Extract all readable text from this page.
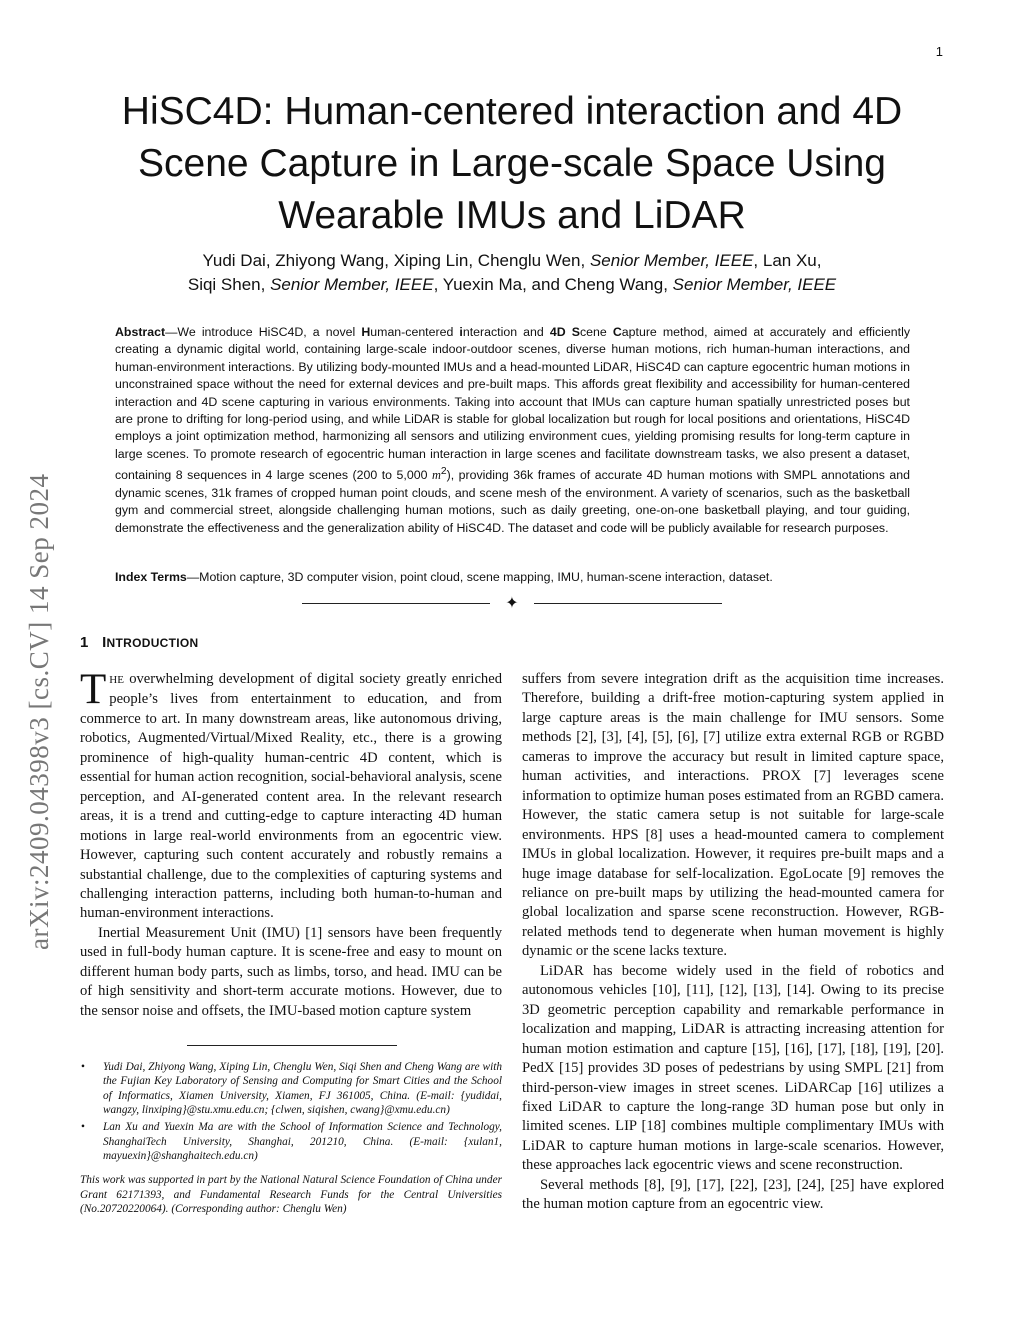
1
HiSC4D: Human-centered interaction and 4D
Scene Capture in Large-scale Space Using
Wearable IMUs and LiDAR
Yudi Dai, Zhiyong Wang, Xiping Lin, Chenglu Wen, Senior Member, IEEE, Lan Xu,
Siqi Shen, Senior Member, IEEE, Yuexin Ma, and Cheng Wang, Senior Member, IEEE
arXiv:2409.04398v3 [cs.CV] 14 Sep 2024

Abstract—We introduce HiSC4D, a novel Human-centered interaction and 4D Scene Capture method, aimed at accurately and efficiently creating a dynamic digital world, containing large-scale indoor-outdoor scenes, diverse human motions, rich human-human interactions, and human-environment interactions. By utilizing body-mounted IMUs and a head-mounted LiDAR, HiSC4D can capture egocentric human motions in unconstrained space without the need for external devices and pre-built maps. This affords great flexibility and accessibility for human-centered interaction and 4D scene capturing in various environments. Taking into account that IMUs can capture human spatially unrestricted poses but are prone to drifting for long-period using, and while LiDAR is stable for global localization but rough for local positions and orientations, HiSC4D employs a joint optimization method, harmonizing all sensors and utilizing environment cues, yielding promising results for long-term capture in large scenes. To promote research of egocentric human interaction in large scenes and facilitate downstream tasks, we also present a dataset, containing 8 sequences in 4 large scenes (200 to 5,000 $m^2$), providing 36k frames of accurate 4D human motions with SMPL annotations and dynamic scenes, 31k frames of cropped human point clouds, and scene mesh of the environment. A variety of scenarios, such as the basketball gym and commercial street, alongside challenging human motions, such as daily greeting, one-on-one basketball playing, and tour guiding, demonstrate the effectiveness and the generalization ability of HiSC4D. The dataset and code will be publicly available for research purposes.

Index Terms—Motion capture, 3D computer vision, point cloud, scene mapping, IMU, human-scene interaction, dataset.

✦
1 INTRODUCTION

THE overwhelming development of digital society greatly enriched people’s lives from entertainment to education, and from commerce to art. In many downstream areas, like autonomous driving, robotics, Augmented/Virtual/Mixed Reality, etc., there is a growing prominence of high-quality human-centric 4D content, which is essential for human action recognition, social-behavioral analysis, scene perception, and AI-generated content area. In the relevant research areas, it is a trend and cutting-edge to capture interacting 4D human motions in large real-world environments from an egocentric view. However, capturing such content accurately and robustly remains a substantial challenge, due to the complexities of capturing systems and challenging interaction patterns, including both human-to-human and human-environment interactions.

Inertial Measurement Unit (IMU) [1] sensors have been frequently used in full-body human capture. It is scene-free and easy to mount on different human body parts, such as limbs, torso, and head. IMU can be of high sensitivity and short-term accurate motions. However, due to the sensor noise and offsets, the IMU-based motion capture system

suffers from severe integration drift as the acquisition time increases. Therefore, building a drift-free motion-capturing system applied in large capture areas is the main challenge for IMU sensors. Some methods [2], [3], [4], [5], [6], [7] utilize extra external RGB or RGBD cameras to improve the accuracy but result in limited capture space, human activities, and interactions. PROX [7] leverages scene information to optimize human poses estimated from an RGBD camera. However, the static camera setup is not suitable for large-scale environments. HPS [8] uses a head-mounted camera to complement IMUs in global localization. However, it requires pre-built maps and a huge image database for self-localization. EgoLocate [9] removes the reliance on pre-built maps by utilizing the head-mounted camera for global localization and sparse scene reconstruction. However, RGB-related methods tend to degenerate when human movement is highly dynamic or the scene lacks texture.

LiDAR has become widely used in the field of robotics and autonomous vehicles [10], [11], [12], [13], [14]. Owing to its precise 3D geometric perception capability and remarkable performance in localization and mapping, LiDAR is attracting increasing attention for human motion estimation and capture [15], [16], [17], [18], [19], [20]. PedX [15] provides 3D poses of pedestrians by using SMPL [21] from third-person-view images in street scenes. LiDARCap [16] utilizes a fixed LiDAR to capture the long-range 3D human pose but only in limited scenes. LIP [18] combines multiple complimentary IMUs with LiDAR to capture human motions in large-scale scenarios. However, these approaches lack egocentric views and scene reconstruction.

Several methods [8], [9], [17], [22], [23], [24], [25] have explored the human motion capture from an egocentric view.

• Yudi Dai, Zhiyong Wang, Xiping Lin, Chenglu Wen, Siqi Shen and Cheng Wang are with the Fujian Key Laboratory of Sensing and Computing for Smart Cities and the School of Informatics, Xiamen University, Xiamen, FJ 361005, China. (E-mail: {yudidai, wangzy, linxiping}@stu.xmu.edu.cn; {clwen, siqishen, cwang}@xmu.edu.cn)

• Lan Xu and Yuexin Ma are with the School of Information Science and Technology, ShanghaiTech University, Shanghai, 201210, China. (E-mail: {xulan1, mayuexin}@shanghaitech.edu.cn)

This work was supported in part by the National Natural Science Foundation of China under Grant 62171393, and Fundamental Research Funds for the Central Universities (No.20720220064). (Corresponding author: Chenglu Wen)
